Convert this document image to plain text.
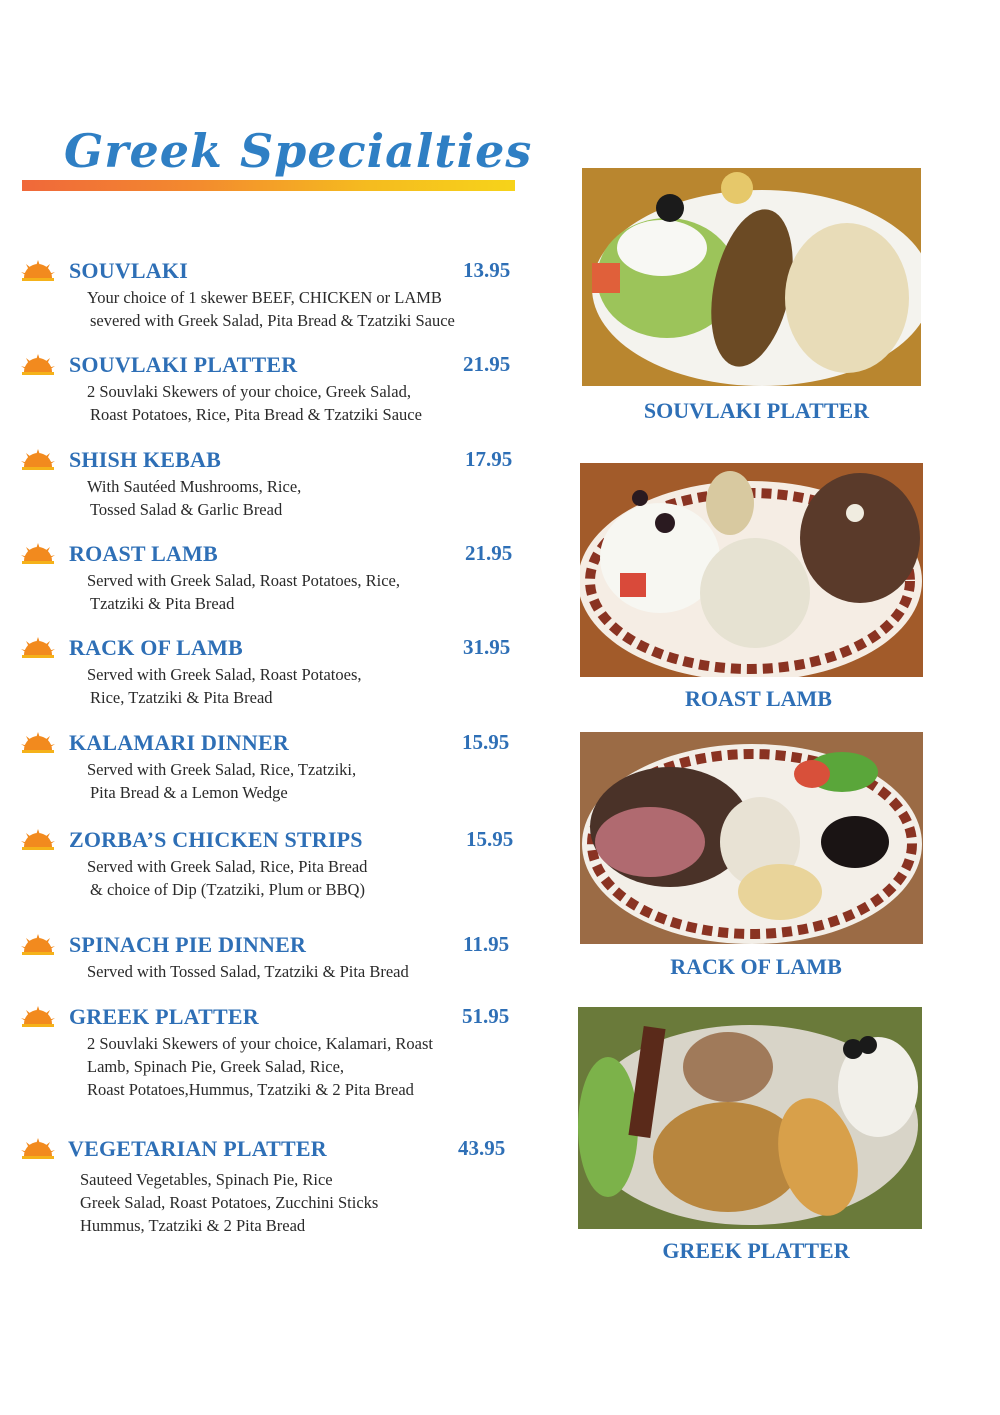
Greek Specialties
SOUVLAKI	13.95
Your choice of 1 skewer BEEF, CHICKEN or LAMB
severed with Greek Salad, Pita Bread & Tzatziki Sauce
SOUVLAKI PLATTER	21.95
2 Souvlaki Skewers of your choice, Greek Salad,
Roast Potatoes, Rice, Pita Bread & Tzatziki Sauce
SHISH KEBAB	17.95
With Sautéed Mushrooms, Rice,
Tossed Salad & Garlic Bread
ROAST LAMB	21.95
Served with Greek Salad, Roast Potatoes, Rice,
Tzatziki & Pita Bread
RACK OF LAMB	31.95
Served with Greek Salad, Roast Potatoes,
Rice, Tzatziki & Pita Bread
KALAMARI DINNER	15.95
Served with Greek Salad, Rice, Tzatziki,
Pita Bread & a Lemon Wedge
ZORBA’S CHICKEN STRIPS	15.95
Served with Greek Salad, Rice, Pita Bread
& choice of Dip (Tzatziki, Plum or BBQ)
SPINACH PIE DINNER	11.95
Served with Tossed Salad, Tzatziki & Pita Bread
GREEK PLATTER	51.95
2 Souvlaki Skewers of your choice, Kalamari, Roast
Lamb, Spinach Pie, Greek Salad, Rice,
Roast Potatoes,Hummus, Tzatziki & 2 Pita Bread
VEGETARIAN PLATTER	43.95
Sauteed Vegetables, Spinach Pie, Rice
Greek Salad, Roast Potatoes, Zucchini Sticks
Hummus, Tzatziki & 2 Pita Bread
SOUVLAKI PLATTER
ROAST LAMB
RACK OF LAMB
GREEK PLATTER
